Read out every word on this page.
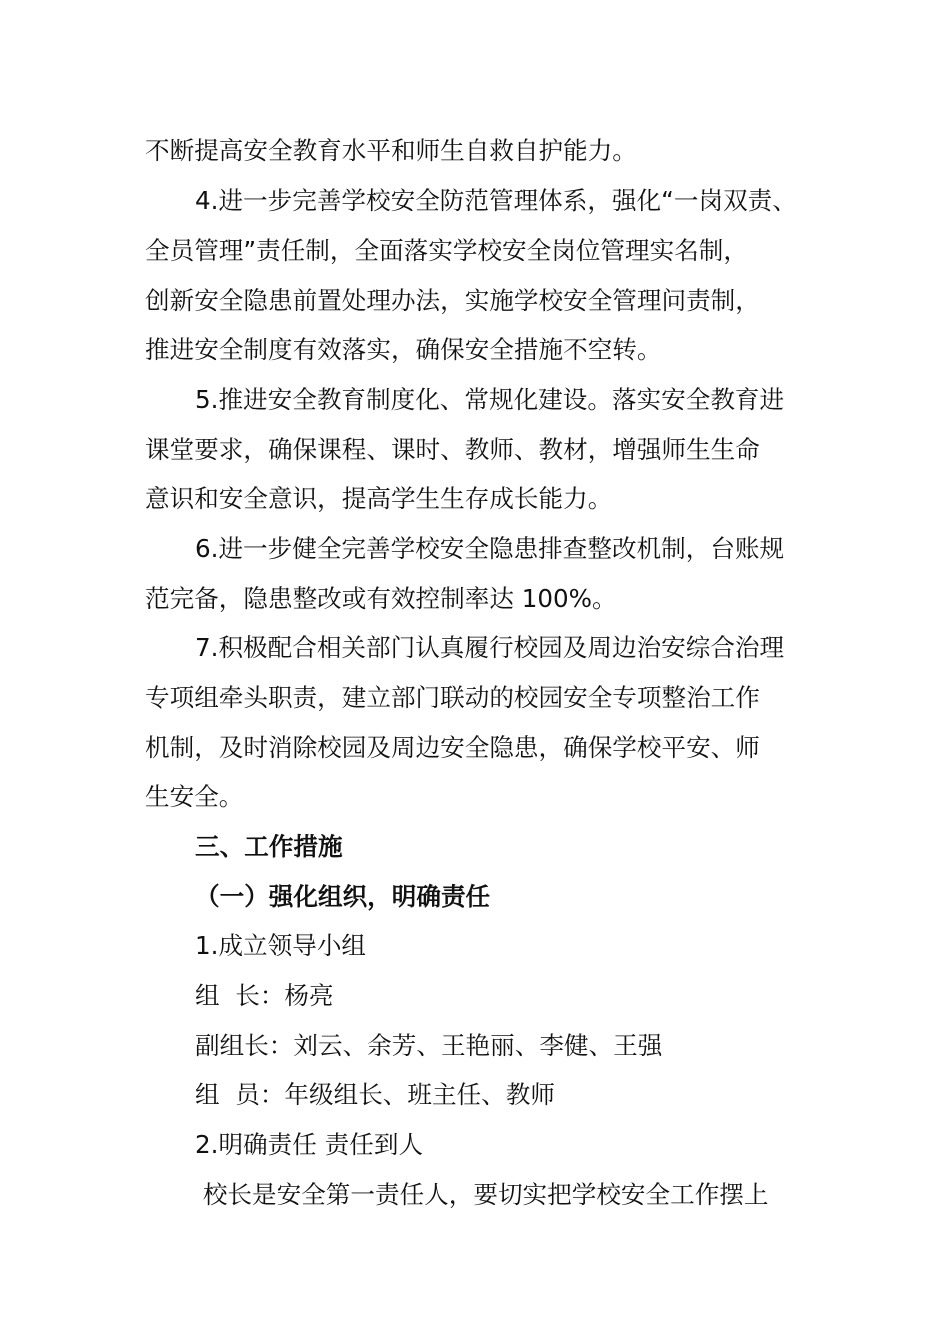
不断提高安全教育水平和师生自救自护能力。
4.进一步完善学校安全防范管理体系，强化“一岗双责、
全员管理”责任制，全面落实学校安全岗位管理实名制，
创新安全隐患前置处理办法，实施学校安全管理问责制，
推进安全制度有效落实，确保安全措施不空转。
5.推进安全教育制度化、常规化建设。落实安全教育进
课堂要求，确保课程、课时、教师、教材，增强师生生命
意识和安全意识，提高学生生存成长能力。
6.进一步健全完善学校安全隐患排查整改机制，台账规
范完备，隐患整改或有效控制率达 100%。
7.积极配合相关部门认真履行校园及周边治安综合治理
专项组牵头职责，建立部门联动的校园安全专项整治工作
机制，及时消除校园及周边安全隐患，确保学校平安、师
生安全。
三、工作措施
（一）强化组织，明确责任
1.成立领导小组
组  长：杨亮
副组长：刘云、余芳、王艳丽、李健、王强
组  员：年级组长、班主任、教师
2.明确责任 责任到人
校长是安全第一责任人，要切实把学校安全工作摆上
